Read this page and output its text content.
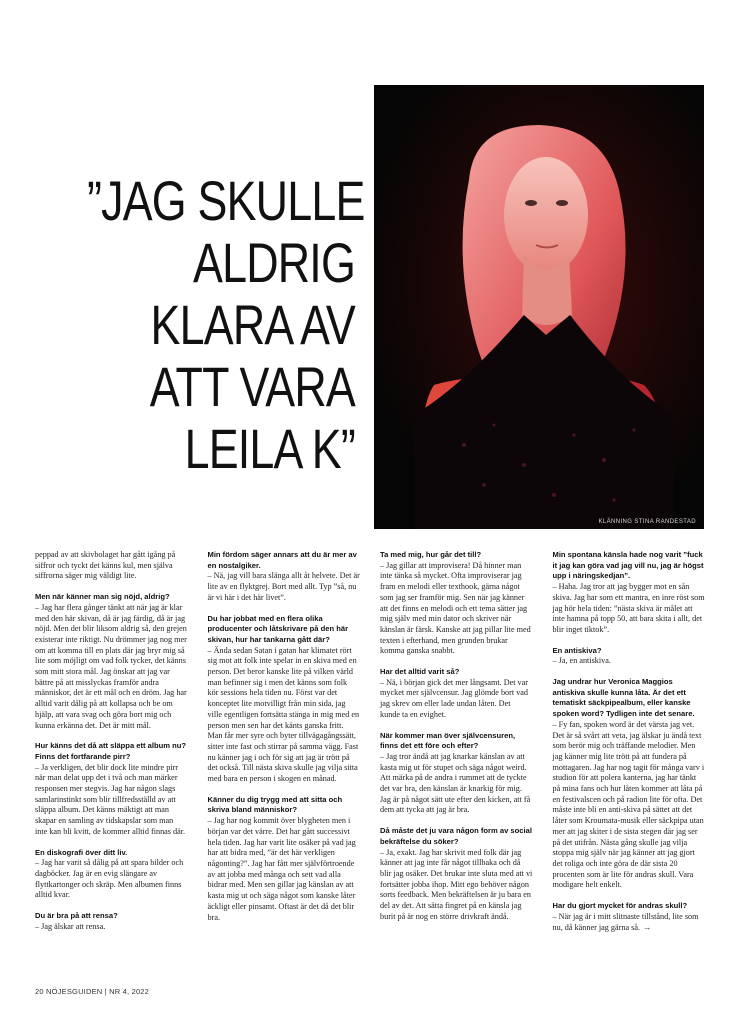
”JAG SKULLE
ALDRIG
KLARA AV
ATT VARA
LEILA K”
KLÄNNING STINA RANDESTAD

peppad av att skivbolaget har gått igång på siffror och tyckt det känns kul, men själva siffrorna säger mig väldigt lite.

Men när känner man sig nöjd, aldrig?

– Jag har flera gånger tänkt att när jag är klar med den här skivan, då är jag färdig, då är jag nöjd. Men det blir liksom aldrig så, den grejen existerar inte riktigt. Nu drömmer jag nog mer om att komma till en plats där jag bryr mig så lite som möjligt om vad folk tycker, det känns som mitt stora mål. Jag önskar att jag var bättre på att misslyckas framför andra människor, det är ett mål och en dröm. Jag har alltid varit dålig på att kollapsa och be om hjälp, att vara svag och göra bort mig och kunna erkänna det. Det är mitt mål.

Hur känns det då att släppa ett album nu? Finns det fortfarande pirr?

– Ja verkligen, det blir dock lite mindre pirr när man delat upp det i två och man märker responsen mer stegvis. Jag har någon slags samlarinstinkt som blir tillfredsställd av att släppa album. Det känns mäktigt att man skapar en samling av tidskapslar som man inte kan bli kvitt, de kommer alltid finnas där.

En diskografi över ditt liv.

– Jag har varit så dålig på att spara bilder och dagböcker. Jag är en evig slängare av flyttkartonger och skräp. Men albumen finns alltid kvar.

Du är bra på att rensa?

– Jag älskar att rensa.

Min fördom säger annars att du är mer av en nostalgiker.

– Nä, jag vill bara slänga allt åt helvete. Det är lite av en flyktgrej. Bort med allt. Typ ”så, nu är vi här i det här livet”.

Du har jobbat med en flera olika producenter och låtskrivare på den här skivan, hur har tankarna gått där?

– Ända sedan Satan i gatan har klimatet rört sig mot att folk inte spelar in en skiva med en person. Det beror kanske lite på vilken värld man befinner sig i men det känns som folk kör sessions hela tiden nu. Först var det konceptet lite motvilligt från min sida, jag ville egentligen fortsätta stänga in mig med en person men sen har det känts ganska fritt. Man får mer syre och byter tillvägagångssätt, sitter inte fast och stirrar på samma vägg. Fast nu känner jag i och för sig att jag är trött på det också. Till nästa skiva skulle jag vilja sitta med bara en person i skogen en månad.

Känner du dig trygg med att sitta och skriva bland människor?

– Jag har nog kommit över blygheten men i början var det värre. Det har gått successivt hela tiden. Jag har varit lite osäker på vad jag har att bidra med, ”är det här verkligen någonting?”. Jag har fått mer självförtroende av att jobba med många och sett vad alla bidrar med. Men sen gillar jag känslan av att kasta mig ut och säga något som kanske låter äckligt eller pinsamt. Oftast är det då det blir bra.

Ta med mig, hur går det till?

– Jag gillar att improvisera! Då hinner man inte tänka så mycket. Ofta improviserar jag fram en melodi eller texthook, gärna något som jag ser framför mig. Sen när jag känner att det finns en melodi och ett tema sätter jag mig själv med min dator och skriver när känslan är färsk. Kanske att jag pillar lite med texten i efterhand, men grunden brukar komma ganska snabbt.

Har det alltid varit så?

– Nä, i början gick det mer långsamt. Det var mycket mer självcensur. Jag glömde bort vad jag skrev om eller lade undan låten. Det kunde ta en evighet.

När kommer man över självcensuren, finns det ett före och efter?

– Jag tror ändå att jag knarkar känslan av att kasta mig ut för stupet och säga något weird. Att märka på de andra i rummet att de tyckte det var bra, den känslan är knarkig för mig. Jag är på något sätt ute efter den kicken, att få dem att tycka att jag är bra.

Då måste det ju vara någon form av social bekräftelse du söker?

– Ja, exakt. Jag har skrivit med folk där jag känner att jag inte får något tillbaka och då blir jag osäker. Det brukar inte sluta med att vi fortsätter jobba ihop. Mitt ego behöver någon sorts feedback. Men bekräftelsen är ju bara en del av det. Att sätta fingret på en känsla jag burit på är nog en större drivkraft ändå.

Min spontana känsla hade nog varit ”fuck it jag kan göra vad jag vill nu, jag är högst upp i näringskedjan”.

– Haha. Jag tror att jag bygger mot en sån skiva. Jag har som ett mantra, en inre röst som jag hör hela tiden: ”nästa skiva är målet att inte hamna på topp 50, att bara skita i allt, det blir inget tiktok”.

En antiskiva?

– Ja, en antiskiva.

Jag undrar hur Veronica Maggios antiskiva skulle kunna låta. Är det ett tematiskt säckpipealbum, eller kanske spoken word? Tydligen inte det senare.

– Fy fan, spoken word är det värsta jag vet. Det är så svårt att veta, jag älskar ju ändå text som berör mig och träffande melodier. Men jag känner mig lite trött på att fundera på mottagaren. Jag har nog tagit för många varv i studion för att polera kanterna, jag har tänkt på mina fans och hur låten kommer att låta på en festivalscen och på radion lite för ofta. Det måste inte bli en anti-skiva på sättet att det låter som Kroumata-musik eller säckpipa utan mer att jag skiter i de sista stegen där jag ser på det utifrån. Nästa gång skulle jag vilja stoppa mig själv när jag känner att jag gjort det roliga och inte göra de där sista 20 procenten som är lite för andras skull. Vara modigare helt enkelt.

Har du gjort mycket för andras skull?

– När jag är i mitt slitnaste tillstånd, lite som nu, då känner jag gärna så. →

20 NÖJESGUIDEN | NR 4, 2022
